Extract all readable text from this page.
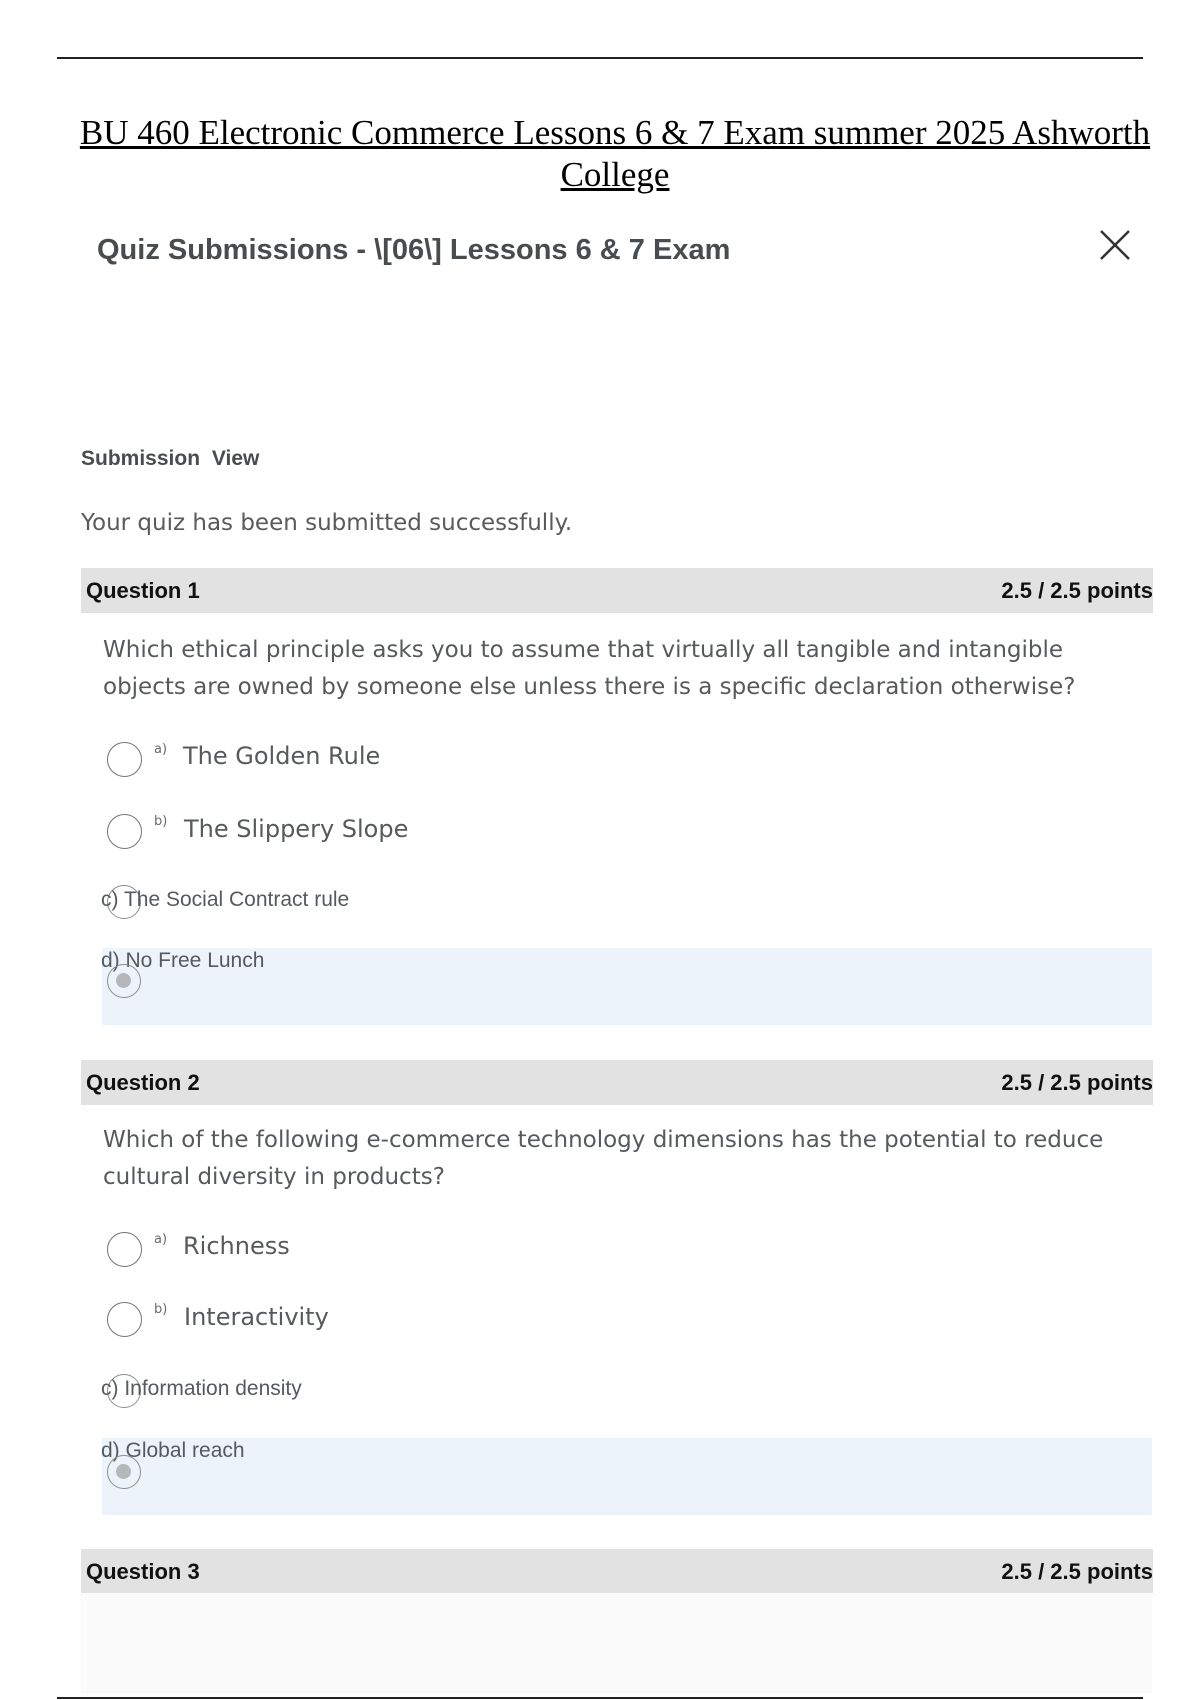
BU 460 Electronic Commerce Lessons 6 & 7 Exam summer 2025 Ashworth College
Quiz Submissions - \[06\] Lessons 6 & 7 Exam
Submission View
Your quiz has been submitted successfully.
Question 1	2.5 / 2.5 points
Which ethical principle asks you to assume that virtually all tangible and intangible objects are owned by someone else unless there is a specific declaration otherwise?
a) The Golden Rule
b) The Slippery Slope
c) The Social Contract rule
d) No Free Lunch
Question 2	2.5 / 2.5 points
Which of the following e-commerce technology dimensions has the potential to reduce cultural diversity in products?
a) Richness
b) Interactivity
c) Information density
d) Global reach
Question 3	2.5 / 2.5 points
